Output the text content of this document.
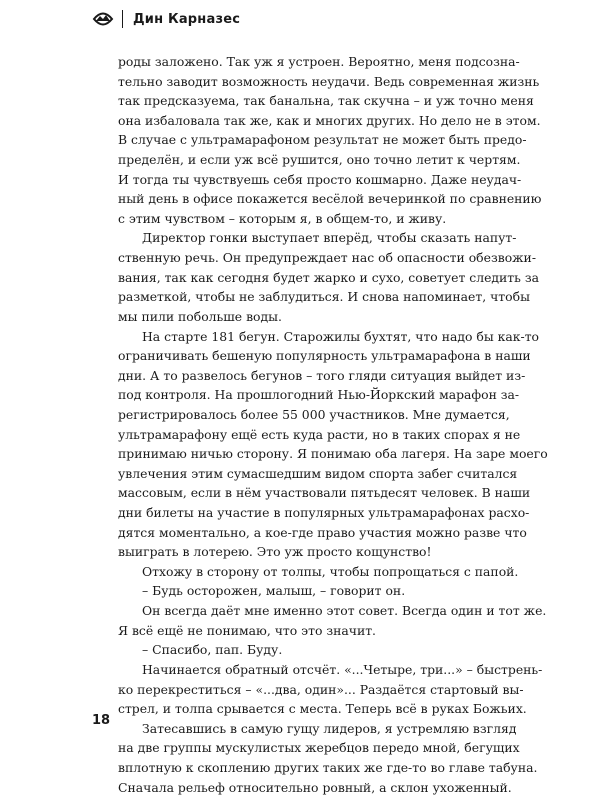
Дин Карназес
роды заложено. Так уж я устроен. Вероятно, меня подсозна-
тельно заводит возможность неудачи. Ведь современная жизнь
так предсказуема, так банальна, так скучна – и уж точно меня
она избаловала так же, как и многих других. Но дело не в этом.
В случае с ультрамарафоном результат не может быть предо-
пределён, и если уж всё рушится, оно точно летит к чертям.
И тогда ты чувствуешь себя просто кошмарно. Даже неудач-
ный день в офисе покажется весёлой вечеринкой по сравнению
с этим чувством – которым я, в общем-то, и живу.
Директор гонки выступает вперёд, чтобы сказать напут-
ственную речь. Он предупреждает нас об опасности обезвожи-
вания, так как сегодня будет жарко и сухо, советует следить за
разметкой, чтобы не заблудиться. И снова напоминает, чтобы
мы пили побольше воды.
На старте 181 бегун. Старожилы бухтят, что надо бы как-то
ограничивать бешеную популярность ультрамарафона в наши
дни. А то развелось бегунов – того гляди ситуация выйдет из-
под контроля. На прошлогодний Нью-Йоркский марафон за-
регистрировалось более 55 000 участников. Мне думается,
ультрамарафону ещё есть куда расти, но в таких спорах я не
принимаю ничью сторону. Я понимаю оба лагеря. На заре моего
увлечения этим сумасшедшим видом спорта забег считался
массовым, если в нём участвовали пятьдесят человек. В наши
дни билеты на участие в популярных ультрамарафонах расхо-
дятся моментально, а кое-где право участия можно разве что
выиграть в лотерею. Это уж просто кощунство!
Отхожу в сторону от толпы, чтобы попрощаться с папой.
– Будь осторожен, малыш, – говорит он.
Он всегда даёт мне именно этот совет. Всегда один и тот же.
Я всё ещё не понимаю, что это значит.
– Спасибо, пап. Буду.
Начинается обратный отсчёт. «...Четыре, три...» – быстрень-
ко перекреститься – «...два, один»... Раздаётся стартовый вы-
стрел, и толпа срывается с места. Теперь всё в руках Божьих.
Затесавшись в самую гущу лидеров, я устремляю взгляд
на две группы мускулистых жеребцов передо мной, бегущих
вплотную к скоплению других таких же где-то во главе табуна.
Сначала рельеф относительно ровный, а склон ухоженный.
18
